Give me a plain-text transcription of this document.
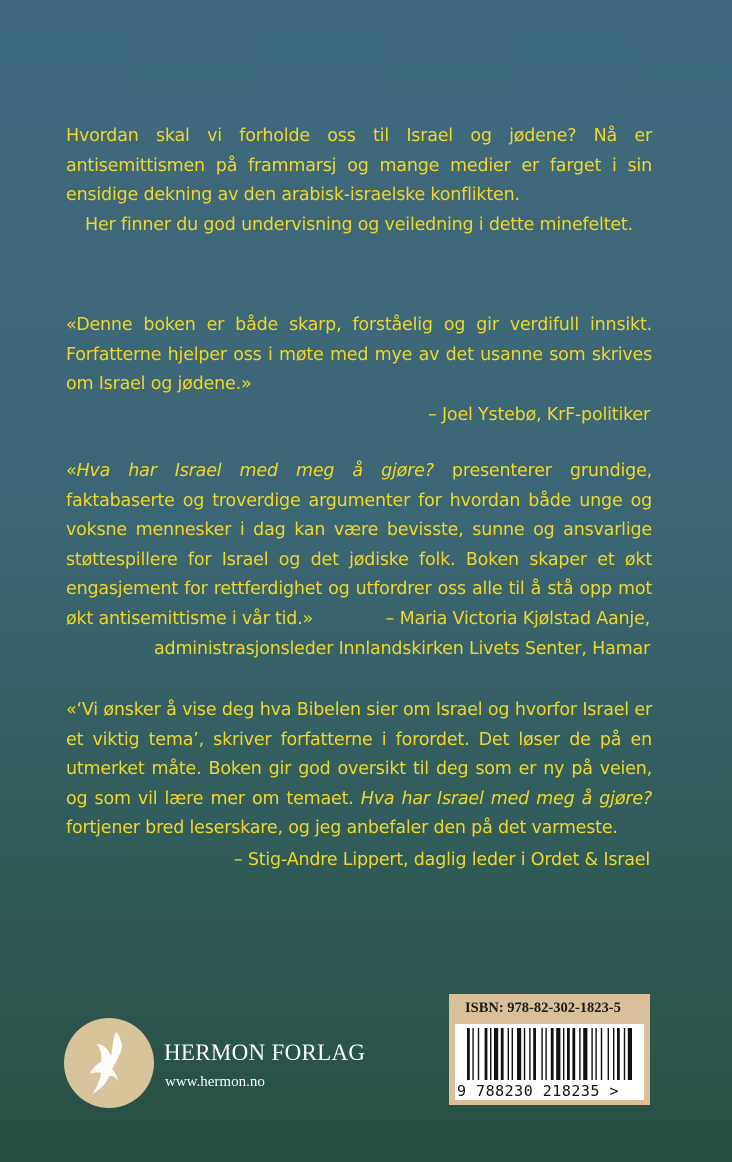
Hvordan skal vi forholde oss til Israel og jødene? Nå er antisemittismen på frammarsj og mange medier er farget i sin ensidige dekning av den arabisk-israelske konflikten.
Her finner du god undervisning og veiledning i dette minefeltet.
«Denne boken er både skarp, forståelig og gir verdifull innsikt. Forfatterne hjelper oss i møte med mye av det usanne som skrives om Israel og jødene.»
– Joel Ystebø, KrF-politiker
«Hva har Israel med meg å gjøre? presenterer grundige, faktabaserte og troverdige argumenter for hvordan både unge og voksne mennesker i dag kan være bevisste, sunne og ansvarlige støttespillere for Israel og det jødiske folk. Boken skaper et økt engasjement for rettferdighet og utfordrer oss alle til å stå opp mot økt antisemittisme i vår tid.»	– Maria Victoria Kjølstad Aanje,
administrasjonsleder Innlandskirken Livets Senter, Hamar
«‘Vi ønsker å vise deg hva Bibelen sier om Israel og hvorfor Israel er et viktig tema’, skriver forfatterne i forordet. Det løser de på en utmerket måte. Boken gir god oversikt til deg som er ny på veien, og som vil lære mer om temaet. Hva har Israel med meg å gjøre? fortjener bred leserskare, og jeg anbefaler den på det varmeste.
– Stig-Andre Lippert, daglig leder i Ordet & Israel
HERMON FORLAG
www.hermon.no
ISBN: 978-82-302-1823-5
9 788230 218235 >
